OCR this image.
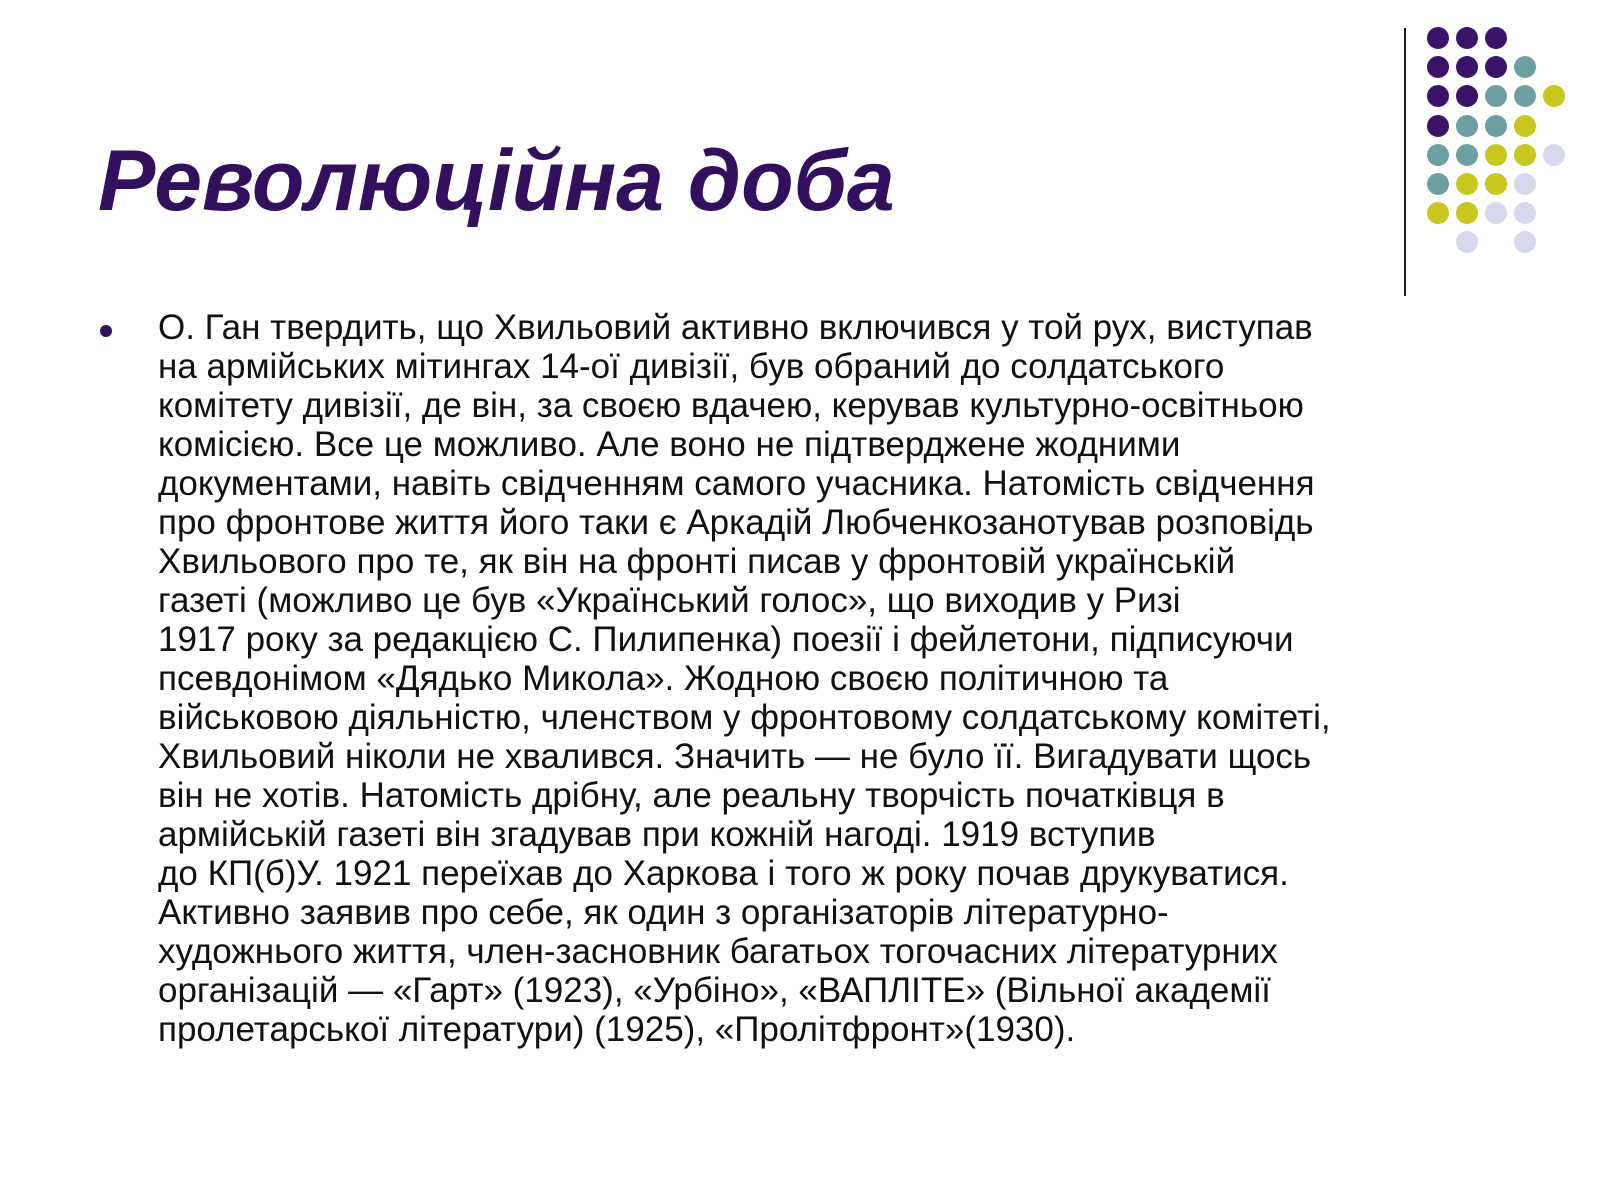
Революційна доба

О. Ган твердить, що Хвильовий активно включився у той рух, виступав
на армійських мітингах 14-ої дивізії, був обраний до солдатського
комітету дивізії, де він, за своєю вдачею, керував культурно-освітньою
комісією. Все це можливо. Але воно не підтверджене жодними
документами, навіть свідченням самого учасника. Натомість свідчення
про фронтове життя його таки є Аркадій Любченкозанотував розповідь
Хвильового про те, як він на фронті писав у фронтовій українській
газеті (можливо це був «Український голос», що виходив у Ризі
1917 року за редакцією С. Пилипенка) поезії і фейлетони, підписуючи
псевдонімом «Дядько Микола». Жодною своєю політичною та
військовою діяльністю, членством у фронтовому солдатському комітеті,
Хвильовий ніколи не хвалився. Значить — не було її. Вигадувати щось
він не хотів. Натомість дрібну, але реальну творчість початківця в
армійській газеті він згадував при кожній нагоді. 1919 вступив
до КП(б)У. 1921 переїхав до Харкова і того ж року почав друкуватися.
Активно заявив про себе, як один з організаторів літературно-
художнього життя, член-засновник багатьох тогочасних літературних
організацій — «Гарт» (1923), «Урбіно», «ВАПЛІТЕ» (Вільної академії
пролетарської літератури) (1925), «Пролітфронт»(1930).
